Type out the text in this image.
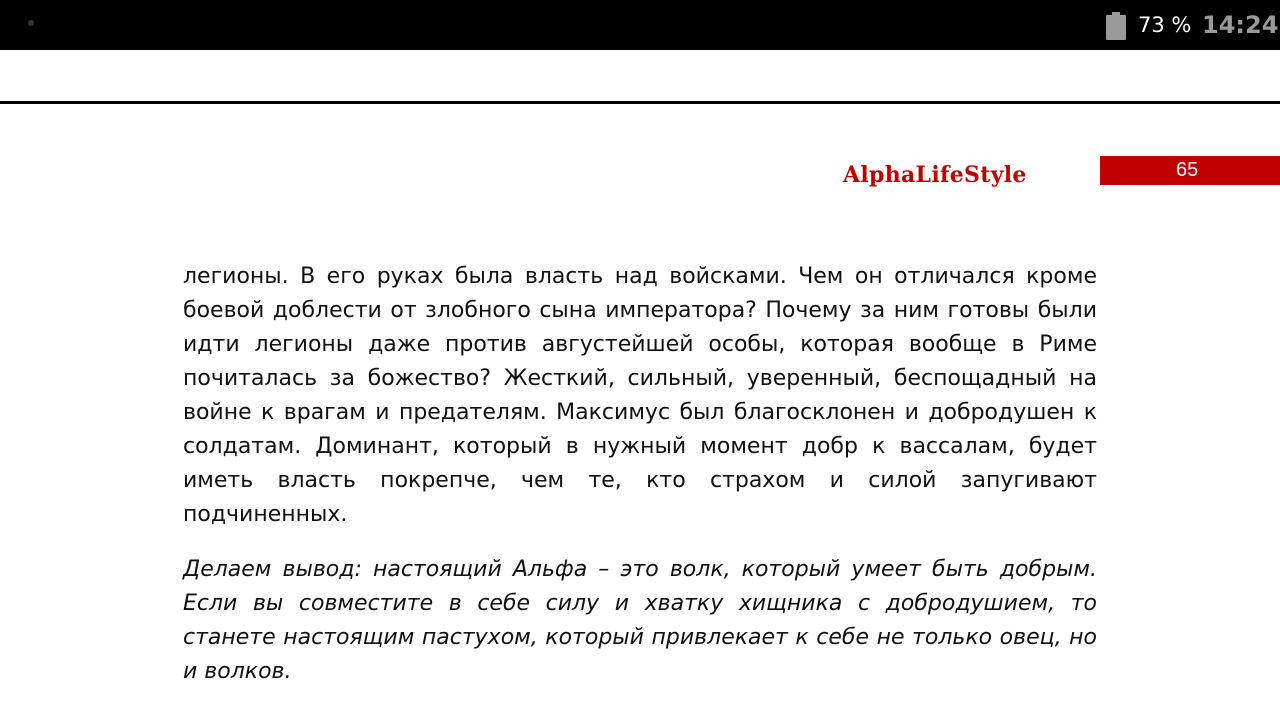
73 % 14:24
AlphaLifeStyle	65

легионы. В его руках была власть над войсками. Чем он отличался кроме боевой доблести от злобного сына императора? Почему за ним готовы были идти легионы даже против августейшей особы, которая вообще в Риме почиталась за божество? Жесткий, сильный, уверенный, беспощадный на войне к врагам и предателям. Максимус был благосклонен и добродушен к солдатам. Доминант, который в нужный момент добр к вассалам, будет иметь власть покрепче, чем те, кто страхом и силой запугивают подчиненных.

Делаем вывод: настоящий Альфа – это волк, который умеет быть добрым. Если вы совместите в себе силу и хватку хищника с добродушием, то станете настоящим пастухом, который привлекает к себе не только овец, но и волков.
